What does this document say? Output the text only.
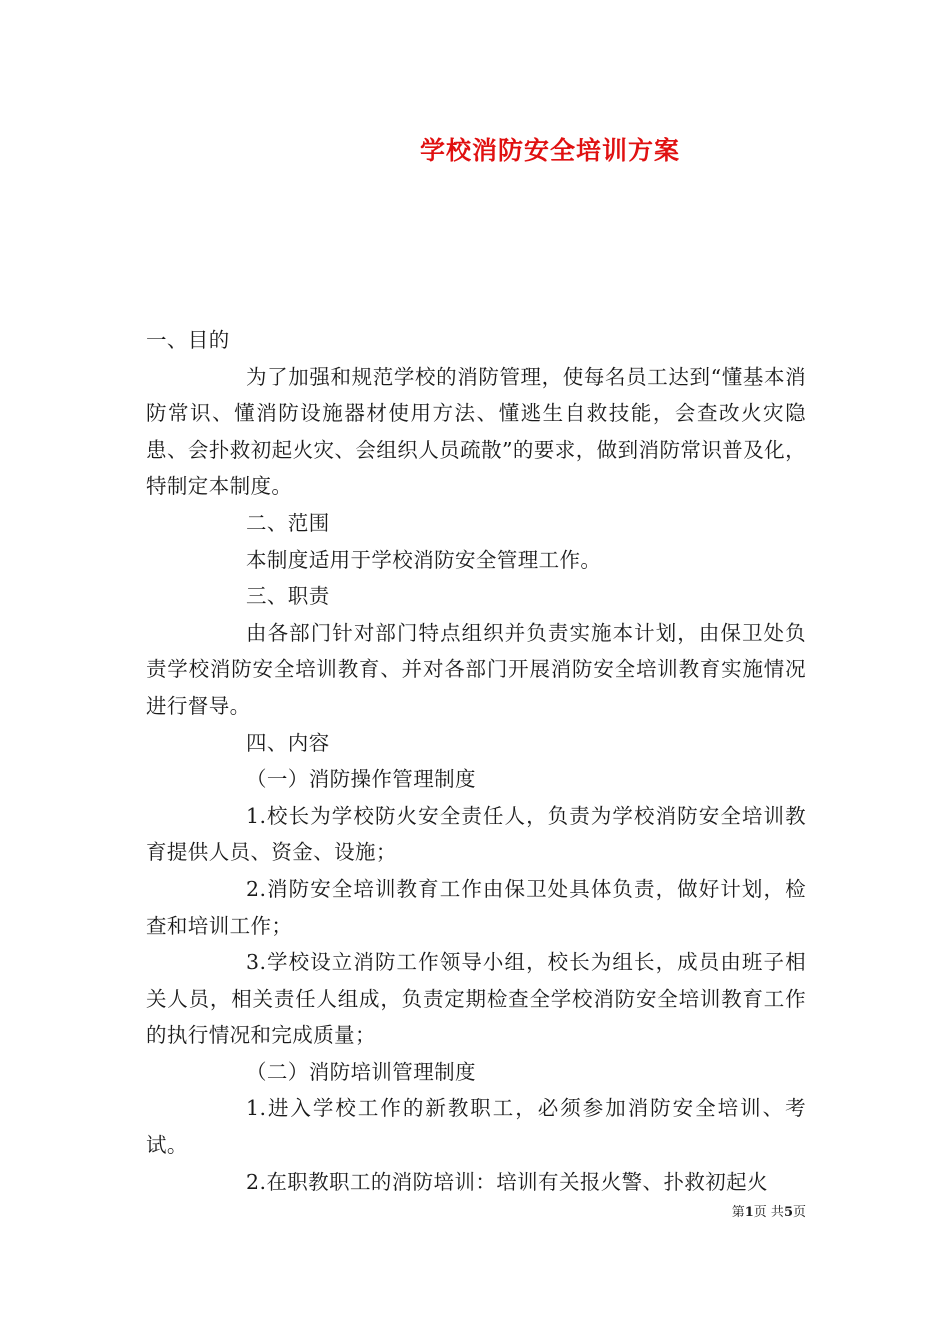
学校消防安全培训方案

一、目的

为了加强和规范学校的消防管理，使每名员工达到“懂基本消防常识、懂消防设施器材使用方法、懂逃生自救技能，会查改火灾隐患、会扑救初起火灾、会组织人员疏散”的要求，做到消防常识普及化，特制定本制度。

二、范围

本制度适用于学校消防安全管理工作。

三、职责

由各部门针对部门特点组织并负责实施本计划，由保卫处负责学校消防安全培训教育、并对各部门开展消防安全培训教育实施情况进行督导。

四、内容

（一）消防操作管理制度

1.校长为学校防火安全责任人，负责为学校消防安全培训教育提供人员、资金、设施；

2.消防安全培训教育工作由保卫处具体负责，做好计划，检查和培训工作；

3.学校设立消防工作领导小组，校长为组长，成员由班子相关人员，相关责任人组成，负责定期检查全学校消防安全培训教育工作的执行情况和完成质量；

（二）消防培训管理制度

1.进入学校工作的新教职工，必须参加消防安全培训、考试。

2.在职教职工的消防培训：培训有关报火警、扑救初起火

第1页 共5页
